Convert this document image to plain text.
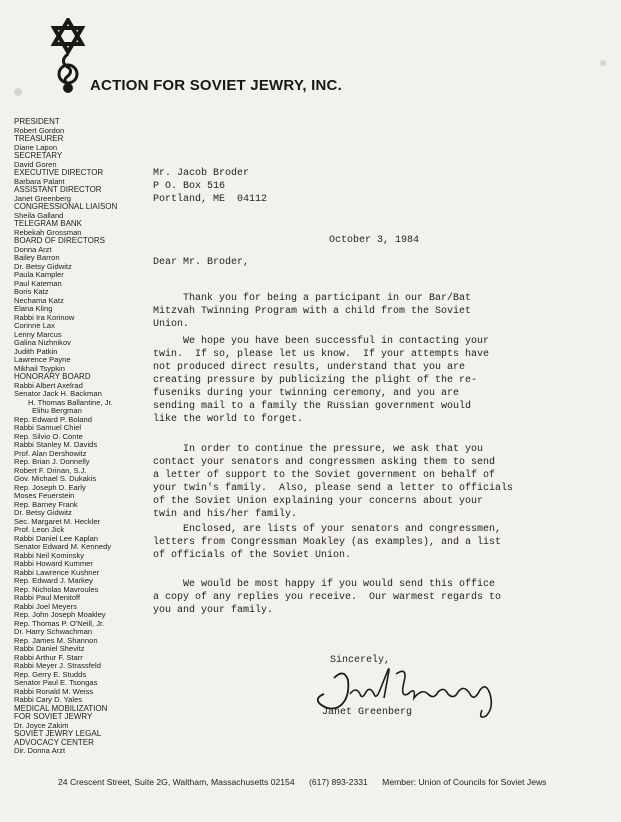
ACTION FOR SOVIET JEWRY, INC.
PRESIDENT
Robert Gordon
TREASURER
Diane Lapon
SECRETARY
David Goren
EXECUTIVE DIRECTOR
Barbara Palant
ASSISTANT DIRECTOR
Janet Greenberg
CONGRESSIONAL LIAISON
Sheila Galland
TELEGRAM BANK
Rebekah Grossman
BOARD OF DIRECTORS
Donna Arzt
Bailey Barron
Dr. Betsy Gidwitz
Paula Kampler
Paul Kateman
Boris Katz
Nechama Katz
Elana Kling
Rabbi Ira Korinow
Corinne Lax
Lenny Marcus
Galina Nizhnikov
Judith Patkin
Lawrence Payne
Mikhail Tsypkin
HONORARY BOARD
Rabbi Albert Axelrad
Senator Jack H. Backman
H. Thomas Ballantine, Jr.
Elihu Bergman
Rep. Edward P. Boland
Rabbi Samuel Chiel
Rep. Silvio O. Conte
Rabbi Stanley M. Davids
Prof. Alan Dershowitz
Rep. Brian J. Donnelly
Robert F. Drinan, S.J.
Gov. Michael S. Dukakis
Rep. Joseph D. Early
Moses Feuerstein
Rep. Barney Frank
Dr. Betsy Gidwitz
Sec. Margaret M. Heckler
Prof. Leon Jick
Rabbi Daniel Lee Kaplan
Senator Edward M. Kennedy
Rabbi Neil Kominsky
Rabbi Howard Kummer
Rabbi Lawrence Kushner
Rep. Edward J. Markey
Rep. Nicholas Mavroules
Rabbi Paul Menitoff
Rabbi Joel Meyers
Rep. John Joseph Moakley
Rep. Thomas P. O'Neill, Jr.
Dr. Harry Schwachman
Rep. James M. Shannon
Rabbi Daniel Shevitz
Rabbi Arthur F. Starr
Rabbi Meyer J. Strassfeld
Rep. Gerry E. Studds
Senator Paul E. Tsongas
Rabbi Ronald M. Weiss
Rabbi Cary D. Yales
MEDICAL MOBILIZATION
FOR SOVIET JEWRY
Dr. Joyce Zakim
SOVIET JEWRY LEGAL
ADVOCACY CENTER
Dir. Donna Arzt
Mr. Jacob Broder
P O. Box 516
Portland, ME  04112
October 3, 1984
Dear Mr. Broder,
Thank you for being a participant in our Bar/Bat
Mitzvah Twinning Program with a child from the Soviet
Union.
We hope you have been successful in contacting your
twin.  If so, please let us know.  If your attempts have
not produced direct results, understand that you are
creating pressure by publicizing the plight of the re-
fuseniks during your twinning ceremony, and you are
sending mail to a family the Russian government would
like the world to forget.
In order to continue the pressure, we ask that you
contact your senators and congressmen asking them to send
a letter of support to the Soviet government on behalf of
your twin's family.  Also, please send a letter to officials
of the Soviet Union explaining your concerns about your
twin and his/her family.
Enclosed, are lists of your senators and congressmen,
letters from Congressman Moakley (as examples), and a list
of officials of the Soviet Union.
We would be most happy if you would send this office
a copy of any replies you receive.  Our warmest regards to
you and your family.
Sincerely,
Janet Greenberg
24 Crescent Street, Suite 2G, Waltham, Massachusetts 02154 (617) 893-2331 Member: Union of Councils for Soviet Jews
